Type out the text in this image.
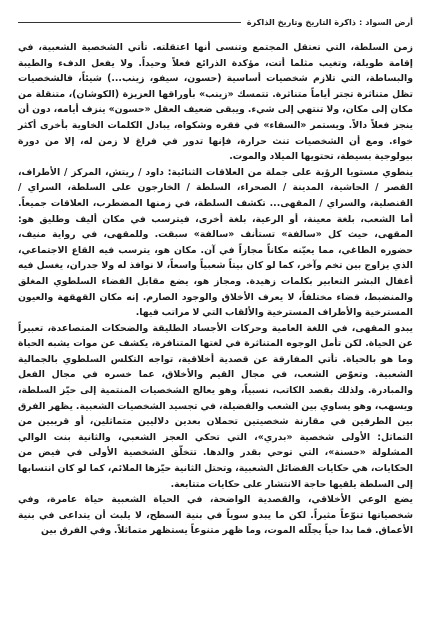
أرض السواد
:
ذاكرة التاريخ وتاريخ الذاكرة

زمن السلطة، التي تعتقل المجتمع وتنسى أنها اعتقلته. تأتي الشخصية الشعبية، في إقامة طويلة، وتغيب مثلما أتت، مؤكدة الذرائع فعلاً وحيداً. ولا يفعل الدفء والطيبة والبساطة، التي تلازم شخصيات أساسية (حسون، سيفو، زينب...) شيئاً، فالشخصيات تظل متناثرة تجتر أياماً متناثرة. تتمسك «زينب» بأوراقها العزيزة (الكوشان)، متنقلة من مكان إلى مكان، ولا تنتهي إلى شيء. ويبقى ضعيف العقل «حسون» ينزف أيامه، دون أن ينجز فعلاً دالاً. ويستمر «السقاء» في فقره وشكواه، يبادل الكلمات الخاوية بأخرى أكثر خواء. ومع أن الشخصيات تنث حرارة، فإنها تدور في فراغ لا زمن له، إلا من دورة بيولوجية بسيطة، تحتويها الميلاد والموت.

ينطوي مستويا الرؤية على جملة من العلاقات الثنائية: داود / ريتش، المركز / الأطراف، القصر / الحاشية، المدينة / الصحراء، السلطة / الخارجون على السلطة، السراي / القنصلية، والسراي / المقهى... تكشف السلطة، في زمنها المضطرب، العلاقات جميعاً. أما الشعب، بلغة معينة، أو الرعية، بلغة أخرى، فيترسب في مكان أليف وطليق هو: المقهى، حيث كل «سالفة» تستأنف «سالفة» سبقت. وللمقهى، في رواية منيف، حضوره الطاغي، مما يعيّنه مكاناً مجازاً في آن. مكان هو، يترسب فيه القاع الاجتماعي، الذي يزاوج بين تخم وآخر، كما لو كان بيتاً شعبياً واسعاً، لا نوافذ له ولا جدران، يغسل فيه أغفال البشر التعابير بكلمات زهيدة. ومجاز هو، يضع مقابل الفضاء السلطوي المغلق والمنضبط، فضاء مختلفاً، لا يعرف الأخلاق والوجود الصارم. إنه مكان القهقهة والعيون المسترخية والأطراف المسترخية والألقاب التي لا مراتب فيها.

يبدو المقهى، في اللغة العامية وحركات الأجساد الطليقة والضحكات المتصاعدة، تعبيراً عن الحياة. لكن تأمل الوجوه المتناثرة في لغتها المتنافرة، يكشف عن موات يشبه الحياة وما هو بالحياة. تأتي المفارقة عن قصدية أخلاقية، تواجه التكلس السلطوي بالجمالية الشعبية. وتعوّض الشعب، في مجال القيم والأخلاق، عما خسره في مجال الفعل والمبادرة. ولذلك بقصد الكاتب، نسبياً، وهو يعالج الشخصيات المنتمية إلى حيّز السلطة، ويسهب، وهو يساوي بين الشعب والفضيلة، في تجسيد الشخصيات الشعبية. يظهر الفرق بين الطرفين في مقارنة شخصيتين تحملان بعدين دلاليين متماثلين، أو قريبين من التماثل: الأولى شخصية «بدري»، التي تحكي العجز الشعبي، والثانية بنت الوالي المشلولة «حسنة»، التي توحي بقدر والدها. تتخلّق الشخصية الأولى في فيض من الحكايات، هي حكايات الفضائل الشعبية، وتحتل الثانية حيّزها الملائم، كما لو كان انتسابها إلى السلطة يلقيها حاجة الانتشار على حكايات متتابعة.

يضع الوعي الأخلاقي، والقصدية الواضحة، في الحياة الشعبية حياة عامرة، وفي شخصياتها تنوّعاً مثيراً. لكن ما يبدو سوياً في بنية السطح، لا يلبث أن يتداعى في بنية الأعماق. فما بدا حياً يجلّله الموت، وما ظهر متنوعاً يستظهر متماثلاً. وفي الفرق بين
